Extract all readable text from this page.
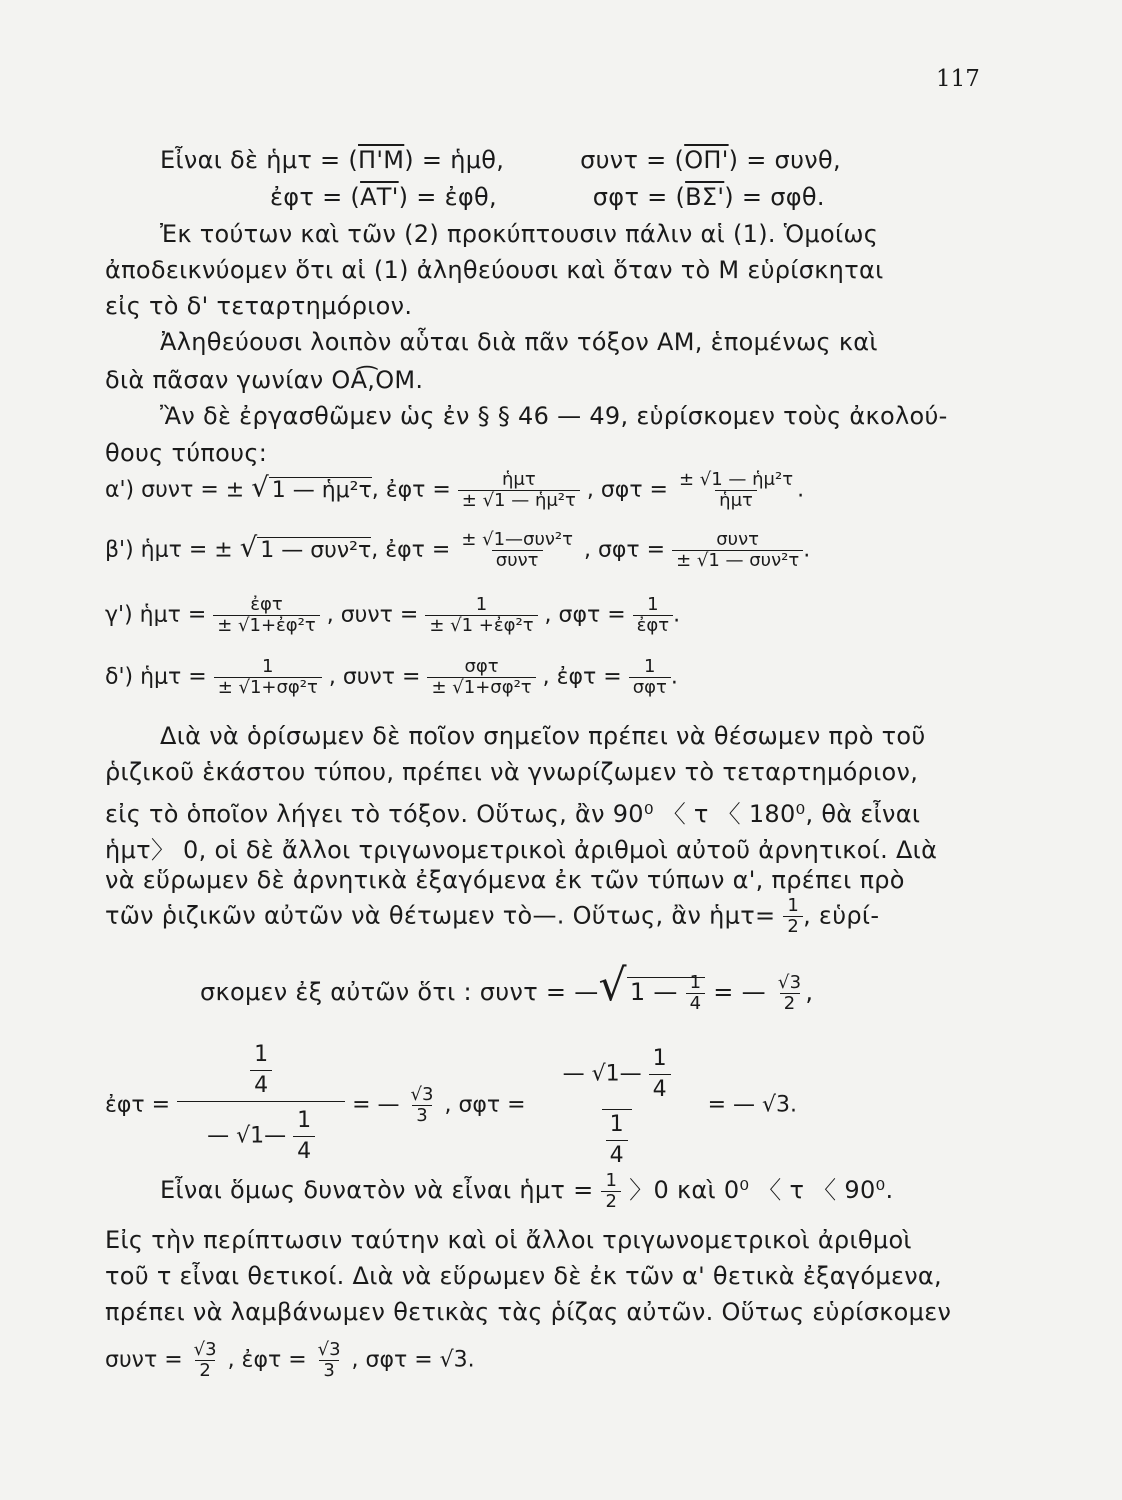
117
Εἶναι δὲ ἡμτ = (Π'Μ) = ἡμθ,	συντ = (ΟΠ') = συνθ,
ἐφτ = (ΑΤ') = ἐφθ,	σφτ = (ΒΣ') = σφθ.
Ἐκ τούτων καὶ τῶν (2) προκύπτουσιν πάλιν αἱ (1). Ὁμοίως
ἀποδεικνύομεν ὅτι αἱ (1) ἀληθεύουσι καὶ ὅταν τὸ Μ εὑρίσκηται
εἰς τὸ δ' τεταρτημόριον.
Ἀληθεύουσι λοιπὸν αὗται διὰ πᾶν τόξον ΑΜ, ἑπομένως καὶ
διὰ πᾶσαν γωνίαν ΟΑ͡,ΟΜ.
Ἂν δὲ ἐργασθῶμεν ὡς ἐν § § 46 — 49, εὑρίσκομεν τοὺς ἀκολού-
θους τύπους:
α') συντ = ± √ 1 — ἡμ²τ, ἐφτ = $\frac{\text{ἡμτ}}{\text{± √1 — ἡμ²τ}}$ , $\sigma\varphi\tau = \frac{\text{± √1 — ἡμ²τ}}{\text{ἡμτ}}$ .
β') ἡμτ = ± √ 1 — συν²τ, ἐφτ = $\frac{\text{± √1—συν²τ}}{\text{συντ}}$ , $\sigma\varphi\tau = \frac{\text{συντ}}{\text{± √1 — συν²τ}}$ .
γ') ἡμτ = $\frac{\text{ἐφτ}}{\text{± √1+ἐφ²τ}}$ , $\sigma\upsilon\nu\tau = \frac{1}{\text{± √1 +ἐφ²τ}}$ , $\sigma\varphi\tau = \frac{1}{\text{ἐφτ}}$ .
δ') ἡμτ = $\frac{1}{\text{± √1+σφ²τ}}$ , $\sigma\upsilon\nu\tau = \frac{\text{σφτ}}{\text{± √1+σφ²τ}}$ , ἐφτ = $\frac{1}{\text{σφτ}}$ .
Διὰ νὰ ὁρίσωμεν δὲ ποῖον σημεῖον πρέπει νὰ θέσωμεν πρὸ τοῦ
ῥιζικοῦ ἑκάστου τύπου, πρέπει νὰ γνωρίζωμεν τὸ τεταρτημόριον,
εἰς τὸ ὁποῖον λήγει τὸ τόξον. Οὕτως, ἂν 90⁰ 〈 τ 〈 180⁰, θὰ εἶναι
ἡμτ〉 0, οἱ δὲ ἄλλοι τριγωνομετρικοὶ ἀριθμοὶ αὐτοῦ ἀρνητικοί. Διὰ
νὰ εὕρωμεν δὲ ἀρνητικὰ ἐξαγόμενα ἐκ τῶν τύπων α', πρέπει πρὸ
τῶν ῥιζικῶν αὐτῶν νὰ θέτωμεν τὸ—. Οὕτως, ἂν ἡμτ= $\frac{1}{2}$ , εὑρί-
σκομεν ἐξ αὐτῶν ὅτι : συντ = —√ 1 — $\frac{1}{4}$ = — $\frac{√3}{2}$ ,
ἐφτ = $\frac{\frac{1}{4}}{— √1— \frac{1}{4}}$ = — $\frac{√3}{3}$ , $\sigma\varphi\tau = \frac{— √1— \frac{1}{4}}{\frac{1}{4}}$ = — √3.
Εἶναι ὅμως δυνατὸν νὰ εἶναι ἡμτ = $\frac{1}{2}$ 〉0 καὶ 0⁰ 〈 τ 〈 90⁰.
Εἰς τὴν περίπτωσιν ταύτην καὶ οἱ ἄλλοι τριγωνομετρικοὶ ἀριθμοὶ
τοῦ τ εἶναι θετικοί. Διὰ νὰ εὕρωμεν δὲ ἐκ τῶν α' θετικὰ ἐξαγόμενα,
πρέπει νὰ λαμβάνωμεν θετικὰς τὰς ῥίζας αὐτῶν. Οὕτως εὑρίσκομεν
$\sigma\upsilon\nu\tau = \frac{√3}{2}$ , ἐφτ = $\frac{√3}{3}$ , σφτ = √3.
